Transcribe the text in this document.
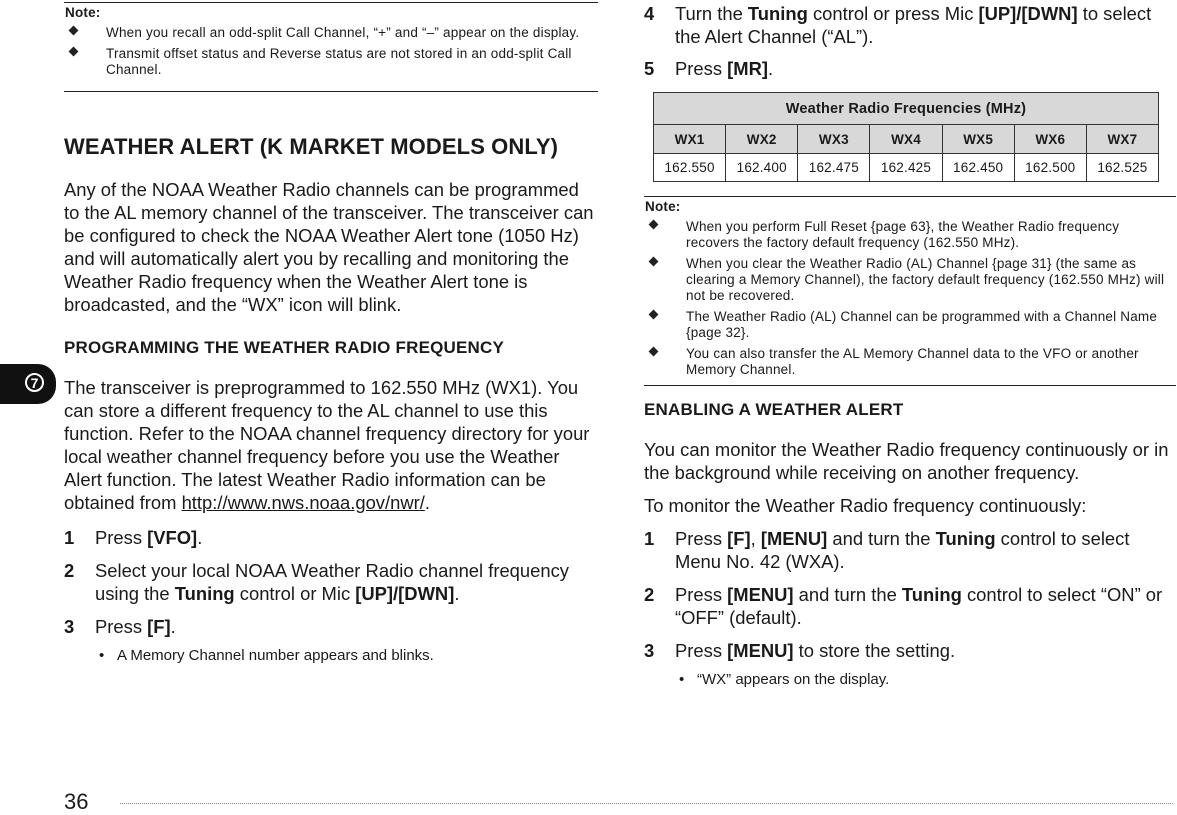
7
Note:
When you recall an odd-split Call Channel, “+” and “–” appear on the display.
Transmit offset status and Reverse status are not stored in an odd-split Call Channel.
WEATHER ALERT (K MARKET MODELS ONLY)

Any of the NOAA Weather Radio channels can be programmed to the AL memory channel of the transceiver. The transceiver can be configured to check the NOAA Weather Alert tone (1050 Hz) and will automatically alert you by recalling and monitoring the Weather Radio frequency when the Weather Alert tone is broadcasted, and the “WX” icon will blink.

PROGRAMMING THE WEATHER RADIO FREQUENCY

The transceiver is preprogrammed to 162.550 MHz (WX1). You can store a different frequency to the AL channel to use this function. Refer to the NOAA channel frequency directory for your local weather channel frequency before you use the Weather Alert function. The latest Weather Radio information can be obtained from http://www.nws.noaa.gov/nwr/.

1 Press [VFO].
2 Select your local NOAA Weather Radio channel frequency using the Tuning control or Mic [UP]/[DWN].
3 Press [F].
• A Memory Channel number appears and blinks.
4 Turn the Tuning control or press Mic [UP]/[DWN] to select the Alert Channel (“AL”).
5 Press [MR].
Weather Radio Frequencies (MHz)						
WX1	WX2	WX3	WX4	WX5	WX6	WX7
162.550	162.400	162.475	162.425	162.450	162.500	162.525
Note:
When you perform Full Reset {page 63}, the Weather Radio frequency recovers the factory default frequency (162.550 MHz).
When you clear the Weather Radio (AL) Channel {page 31} (the same as clearing a Memory Channel), the factory default frequency (162.550 MHz) will not be recovered.
The Weather Radio (AL) Channel can be programmed with a Channel Name {page 32}.
You can also transfer the AL Memory Channel data to the VFO or another Memory Channel.
ENABLING A WEATHER ALERT

You can monitor the Weather Radio frequency continuously or in the background while receiving on another frequency.

To monitor the Weather Radio frequency continuously:

1 Press [F], [MENU] and turn the Tuning control to select Menu No. 42 (WXA).
2 Press [MENU] and turn the Tuning control to select “ON” or “OFF” (default).
3 Press [MENU] to store the setting.
• “WX” appears on the display.
36
